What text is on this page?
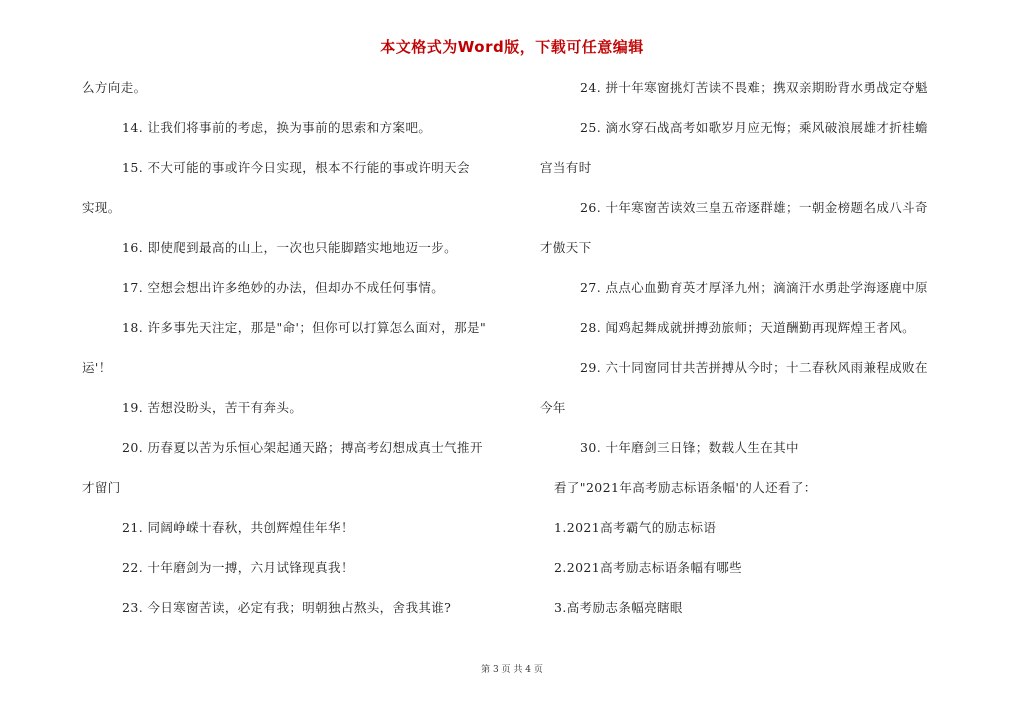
本文格式为Word版，下载可任意编辑
么方向走。
14. 让我们将事前的考虑，换为事前的思索和方案吧。
15. 不大可能的事或许今日实现，根本不行能的事或许明天会
实现。
16. 即使爬到最高的山上，一次也只能脚踏实地地迈一步。
17. 空想会想出许多绝妙的办法，但却办不成任何事情。
18. 许多事先天注定，那是"命'；但你可以打算怎么面对，那是"
运'！
19. 苦想没盼头，苦干有奔头。
20. 历春夏以苦为乐恒心架起通天路；搏高考幻想成真士气推开
才留门
21. 同阔峥嵘十春秋，共创辉煌佳年华！
22. 十年磨剑为一搏，六月试锋现真我！
23. 今日寒窗苦读，必定有我；明朝独占熬头，舍我其谁?
24. 拼十年寒窗挑灯苦读不畏难；携双亲期盼背水勇战定夺魁
25. 滴水穿石战高考如歌岁月应无悔；乘风破浪展雄才折桂蟾
宫当有时
26. 十年寒窗苦读效三皇五帝逐群雄；一朝金榜题名成八斗奇
才傲天下
27. 点点心血勤育英才厚泽九州；滴滴汗水勇赴学海逐鹿中原
28. 闻鸡起舞成就拼搏劲旅师；天道酬勤再现辉煌王者风。
29. 六十同窗同甘共苦拼搏从今时；十二春秋风雨兼程成败在
今年
30. 十年磨剑三日锋；数载人生在其中
看了"2021年高考励志标语条幅'的人还看了：
1.2021高考霸气的励志标语
2.2021高考励志标语条幅有哪些
3.高考励志条幅亮瞎眼
第 3 页 共 4 页
